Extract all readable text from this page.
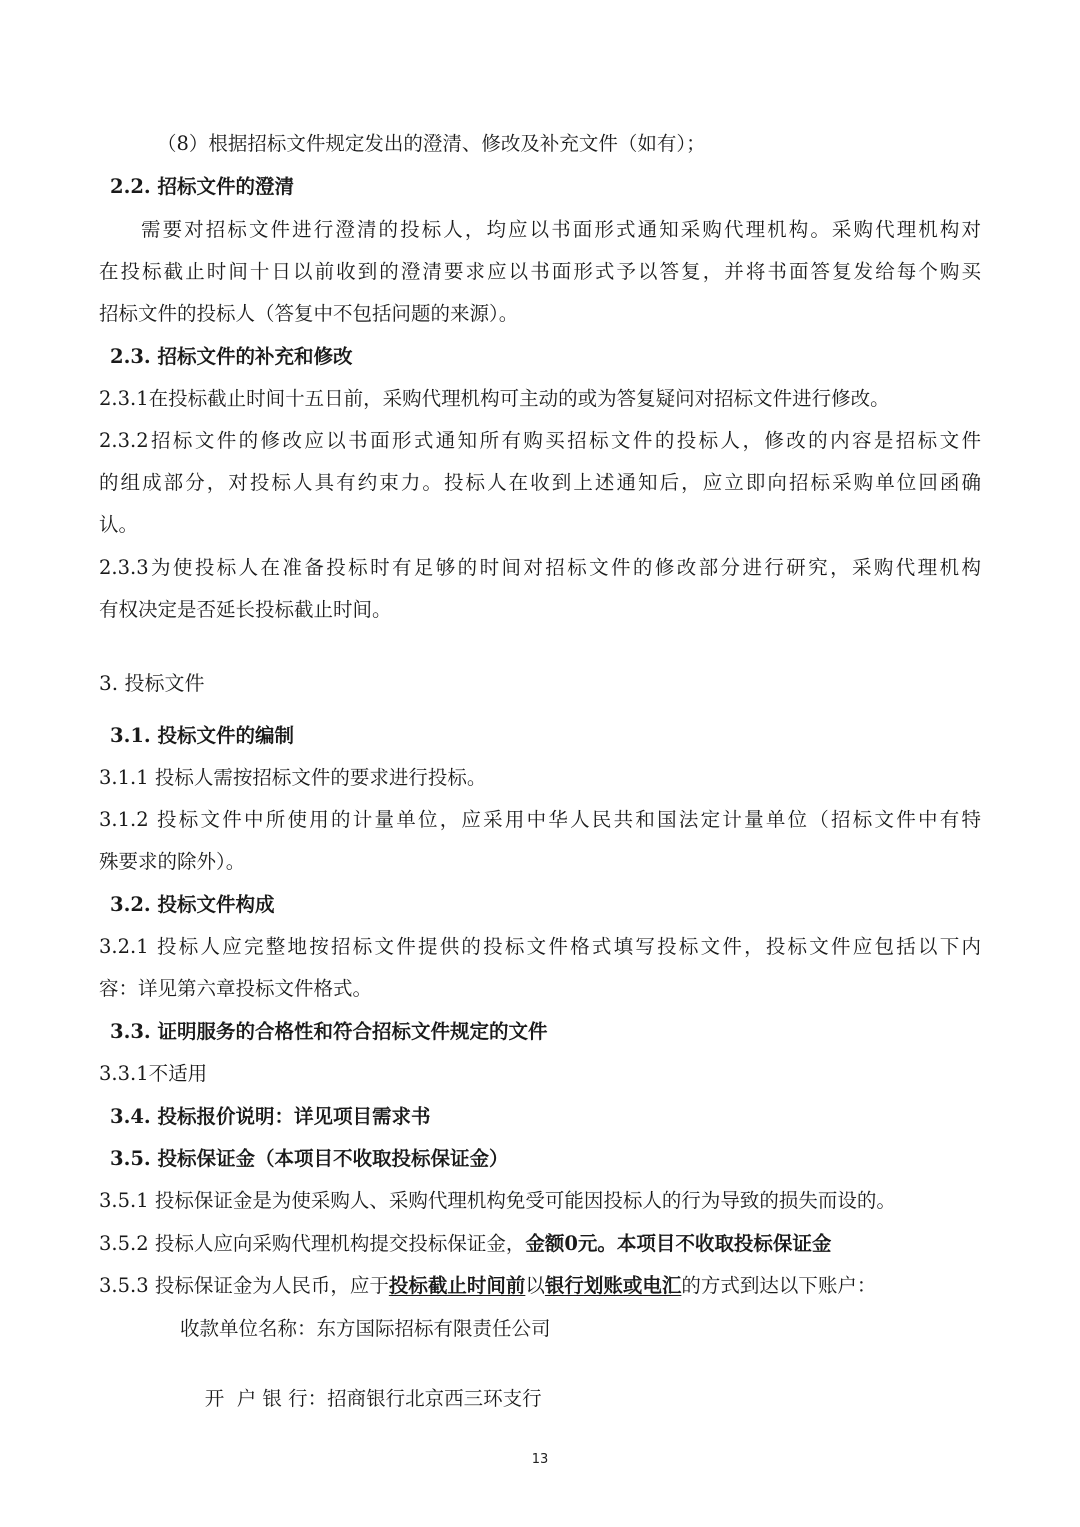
（8）根据招标文件规定发出的澄清、修改及补充文件（如有）；
2.2. 招标文件的澄清
需要对招标文件进行澄清的投标人，均应以书面形式通知采购代理机构。采购代理机构对
在投标截止时间十日以前收到的澄清要求应以书面形式予以答复，并将书面答复发给每个购买
招标文件的投标人（答复中不包括问题的来源）。
2.3. 招标文件的补充和修改
2.3.1在投标截止时间十五日前，采购代理机构可主动的或为答复疑问对招标文件进行修改。
2.3.2招标文件的修改应以书面形式通知所有购买招标文件的投标人，修改的内容是招标文件
的组成部分，对投标人具有约束力。投标人在收到上述通知后，应立即向招标采购单位回函确
认。
2.3.3为使投标人在准备投标时有足够的时间对招标文件的修改部分进行研究，采购代理机构
有权决定是否延长投标截止时间。
3. 投标文件
3.1. 投标文件的编制
3.1.1 投标人需按招标文件的要求进行投标。
3.1.2 投标文件中所使用的计量单位，应采用中华人民共和国法定计量单位（招标文件中有特
殊要求的除外）。
3.2. 投标文件构成
3.2.1 投标人应完整地按招标文件提供的投标文件格式填写投标文件，投标文件应包括以下内
容：详见第六章投标文件格式。
3.3. 证明服务的合格性和符合招标文件规定的文件
3.3.1不适用
3.4. 投标报价说明：详见项目需求书
3.5. 投标保证金（本项目不收取投标保证金）
3.5.1 投标保证金是为使采购人、采购代理机构免受可能因投标人的行为导致的损失而设的。
3.5.2 投标人应向采购代理机构提交投标保证金，金额0元。本项目不收取投标保证金
3.5.3 投标保证金为人民币，应于投标截止时间前以银行划账或电汇的方式到达以下账户：
收款单位名称：东方国际招标有限责任公司

开  户 银 行：招商银行北京西三环支行

13
